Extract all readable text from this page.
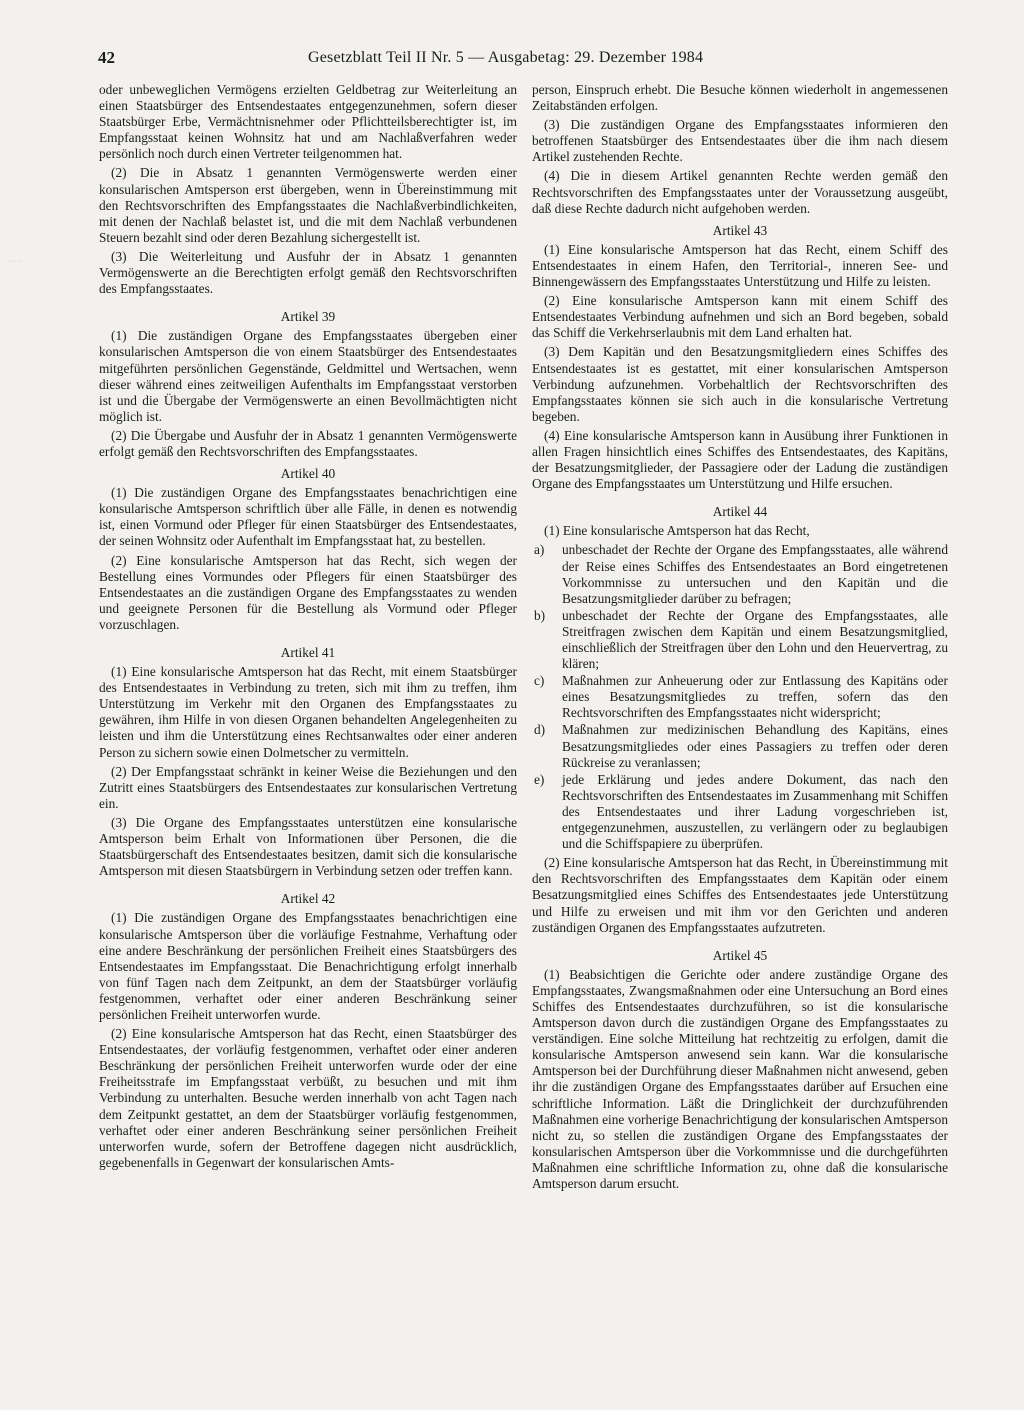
42	Gesetzblatt Teil II Nr. 5 — Ausgabetag: 29. Dezember 1984
·····

oder unbeweglichen Vermögens erzielten Geldbetrag zur Weiterleitung an einen Staatsbürger des Entsendestaates entgegenzunehmen, sofern dieser Staatsbürger Erbe, Vermächtnisnehmer oder Pflichtteilsberechtigter ist, im Empfangsstaat keinen Wohnsitz hat und am Nachlaßverfahren weder persönlich noch durch einen Vertreter teilgenommen hat.

(2) Die in Absatz 1 genannten Vermögenswerte werden einer konsularischen Amtsperson erst übergeben, wenn in Übereinstimmung mit den Rechtsvorschriften des Empfangsstaates die Nachlaßverbindlichkeiten, mit denen der Nachlaß belastet ist, und die mit dem Nachlaß verbundenen Steuern bezahlt sind oder deren Bezahlung sichergestellt ist.

(3) Die Weiterleitung und Ausfuhr der in Absatz 1 genannten Vermögenswerte an die Berechtigten erfolgt gemäß den Rechtsvorschriften des Empfangsstaates.

Artikel 39

(1) Die zuständigen Organe des Empfangsstaates übergeben einer konsularischen Amtsperson die von einem Staatsbürger des Entsendestaates mitgeführten persönlichen Gegenstände, Geldmittel und Wertsachen, wenn dieser während eines zeitweiligen Aufenthalts im Empfangsstaat verstorben ist und die Übergabe der Vermögenswerte an einen Bevollmächtigten nicht möglich ist.

(2) Die Übergabe und Ausfuhr der in Absatz 1 genannten Vermögenswerte erfolgt gemäß den Rechtsvorschriften des Empfangsstaates.

Artikel 40

(1) Die zuständigen Organe des Empfangsstaates benachrichtigen eine konsularische Amtsperson schriftlich über alle Fälle, in denen es notwendig ist, einen Vormund oder Pfleger für einen Staatsbürger des Entsendestaates, der seinen Wohnsitz oder Aufenthalt im Empfangsstaat hat, zu bestellen.

(2) Eine konsularische Amtsperson hat das Recht, sich wegen der Bestellung eines Vormundes oder Pflegers für einen Staatsbürger des Entsendestaates an die zuständigen Organe des Empfangsstaates zu wenden und geeignete Personen für die Bestellung als Vormund oder Pfleger vorzuschlagen.

Artikel 41

(1) Eine konsularische Amtsperson hat das Recht, mit einem Staatsbürger des Entsendestaates in Verbindung zu treten, sich mit ihm zu treffen, ihm Unterstützung im Verkehr mit den Organen des Empfangsstaates zu gewähren, ihm Hilfe in von diesen Organen behandelten Angelegenheiten zu leisten und ihm die Unterstützung eines Rechtsanwaltes oder einer anderen Person zu sichern sowie einen Dolmetscher zu vermitteln.

(2) Der Empfangsstaat schränkt in keiner Weise die Beziehungen und den Zutritt eines Staatsbürgers des Entsendestaates zur konsularischen Vertretung ein.

(3) Die Organe des Empfangsstaates unterstützen eine konsularische Amtsperson beim Erhalt von Informationen über Personen, die die Staatsbürgerschaft des Entsendestaates besitzen, damit sich die konsularische Amtsperson mit diesen Staatsbürgern in Verbindung setzen oder treffen kann.

Artikel 42

(1) Die zuständigen Organe des Empfangsstaates benachrichtigen eine konsularische Amtsperson über die vorläufige Festnahme, Verhaftung oder eine andere Beschränkung der persönlichen Freiheit eines Staatsbürgers des Entsendestaates im Empfangsstaat. Die Benachrichtigung erfolgt innerhalb von fünf Tagen nach dem Zeitpunkt, an dem der Staatsbürger vorläufig festgenommen, verhaftet oder einer anderen Beschränkung seiner persönlichen Freiheit unterworfen wurde.

(2) Eine konsularische Amtsperson hat das Recht, einen Staatsbürger des Entsendestaates, der vorläufig festgenommen, verhaftet oder einer anderen Beschränkung der persönlichen Freiheit unterworfen wurde oder der eine Freiheitsstrafe im Empfangsstaat verbüßt, zu besuchen und mit ihm Verbindung zu unterhalten. Besuche werden innerhalb von acht Tagen nach dem Zeitpunkt gestattet, an dem der Staatsbürger vorläufig festgenommen, verhaftet oder einer anderen Beschränkung seiner persönlichen Freiheit unterworfen wurde, sofern der Betroffene dagegen nicht ausdrücklich, gegebenenfalls in Gegenwart der konsularischen Amts-

person, Einspruch erhebt. Die Besuche können wiederholt in angemessenen Zeitabständen erfolgen.

(3) Die zuständigen Organe des Empfangsstaates informieren den betroffenen Staatsbürger des Entsendestaates über die ihm nach diesem Artikel zustehenden Rechte.

(4) Die in diesem Artikel genannten Rechte werden gemäß den Rechtsvorschriften des Empfangsstaates unter der Voraussetzung ausgeübt, daß diese Rechte dadurch nicht aufgehoben werden.

Artikel 43

(1) Eine konsularische Amtsperson hat das Recht, einem Schiff des Entsendestaates in einem Hafen, den Territorial-, inneren See- und Binnengewässern des Empfangsstaates Unterstützung und Hilfe zu leisten.

(2) Eine konsularische Amtsperson kann mit einem Schiff des Entsendestaates Verbindung aufnehmen und sich an Bord begeben, sobald das Schiff die Verkehrserlaubnis mit dem Land erhalten hat.

(3) Dem Kapitän und den Besatzungsmitgliedern eines Schiffes des Entsendestaates ist es gestattet, mit einer konsularischen Amtsperson Verbindung aufzunehmen. Vorbehaltlich der Rechtsvorschriften des Empfangsstaates können sie sich auch in die konsularische Vertretung begeben.

(4) Eine konsularische Amtsperson kann in Ausübung ihrer Funktionen in allen Fragen hinsichtlich eines Schiffes des Entsendestaates, des Kapitäns, der Besatzungsmitglieder, der Passagiere oder der Ladung die zuständigen Organe des Empfangsstaates um Unterstützung und Hilfe ersuchen.

Artikel 44

(1) Eine konsularische Amtsperson hat das Recht,

a)	unbeschadet der Rechte der Organe des Empfangsstaates, alle während der Reise eines Schiffes des Entsendestaates an Bord eingetretenen Vorkommnisse zu untersuchen und den Kapitän und die Besatzungsmitglieder darüber zu befragen;
b)	unbeschadet der Rechte der Organe des Empfangsstaates, alle Streitfragen zwischen dem Kapitän und einem Besatzungsmitglied, einschließlich der Streitfragen über den Lohn und den Heuervertrag, zu klären;
c)	Maßnahmen zur Anheuerung oder zur Entlassung des Kapitäns oder eines Besatzungsmitgliedes zu treffen, sofern das den Rechtsvorschriften des Empfangsstaates nicht widerspricht;
d)	Maßnahmen zur medizinischen Behandlung des Kapitäns, eines Besatzungsmitgliedes oder eines Passagiers zu treffen oder deren Rückreise zu veranlassen;
e)	jede Erklärung und jedes andere Dokument, das nach den Rechtsvorschriften des Entsendestaates im Zusammenhang mit Schiffen des Entsendestaates und ihrer Ladung vorgeschrieben ist, entgegenzunehmen, auszustellen, zu verlängern oder zu beglaubigen und die Schiffspapiere zu überprüfen.

(2) Eine konsularische Amtsperson hat das Recht, in Übereinstimmung mit den Rechtsvorschriften des Empfangsstaates dem Kapitän oder einem Besatzungsmitglied eines Schiffes des Entsendestaates jede Unterstützung und Hilfe zu erweisen und mit ihm vor den Gerichten und anderen zuständigen Organen des Empfangsstaates aufzutreten.

Artikel 45

(1) Beabsichtigen die Gerichte oder andere zuständige Organe des Empfangsstaates, Zwangsmaßnahmen oder eine Untersuchung an Bord eines Schiffes des Entsendestaates durchzuführen, so ist die konsularische Amtsperson davon durch die zuständigen Organe des Empfangsstaates zu verständigen. Eine solche Mitteilung hat rechtzeitig zu erfolgen, damit die konsularische Amtsperson anwesend sein kann. War die konsularische Amtsperson bei der Durchführung dieser Maßnahmen nicht anwesend, geben ihr die zuständigen Organe des Empfangsstaates darüber auf Ersuchen eine schriftliche Information. Läßt die Dringlichkeit der durchzuführenden Maßnahmen eine vorherige Benachrichtigung der konsularischen Amtsperson nicht zu, so stellen die zuständigen Organe des Empfangsstaates der konsularischen Amtsperson über die Vorkommnisse und die durchgeführten Maßnahmen eine schriftliche Information zu, ohne daß die konsularische Amtsperson darum ersucht.
